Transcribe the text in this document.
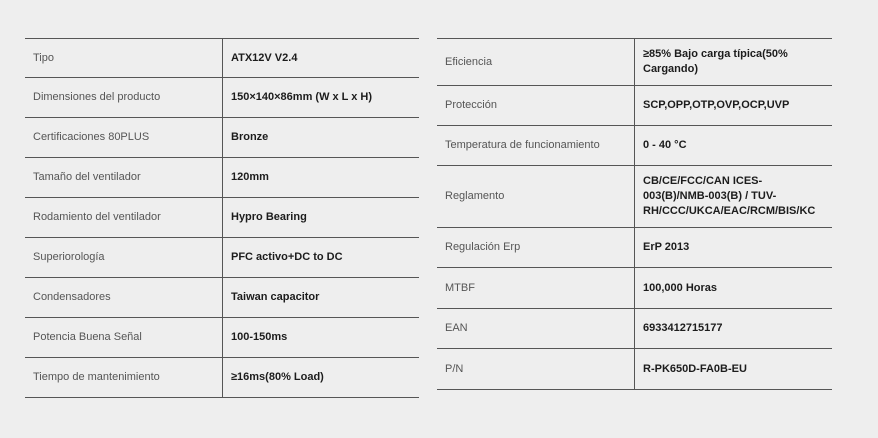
Tipo	ATX12V V2.4
Dimensiones del producto	150×140×86mm (W x L x H)
Certificaciones 80PLUS	Bronze
Tamaño del ventilador	120mm
Rodamiento del ventilador	Hypro Bearing
Superiorología	PFC activo+DC to DC
Condensadores	Taiwan capacitor
Potencia Buena Señal	100-150ms
Tiempo de mantenimiento	≥16ms(80% Load)
Eficiencia	≥85% Bajo carga típica(50% Cargando)
Protección	SCP,OPP,OTP,OVP,OCP,UVP
Temperatura de funcionamiento	0 - 40 °C
Reglamento	CB/CE/FCC/CAN ICES-003(B)/NMB-003(B) / TUV-RH/CCC/UKCA/EAC/RCM/BIS/KC
Regulación Erp	ErP 2013
MTBF	100,000 Horas
EAN	6933412715177
P/N	R-PK650D-FA0B-EU
